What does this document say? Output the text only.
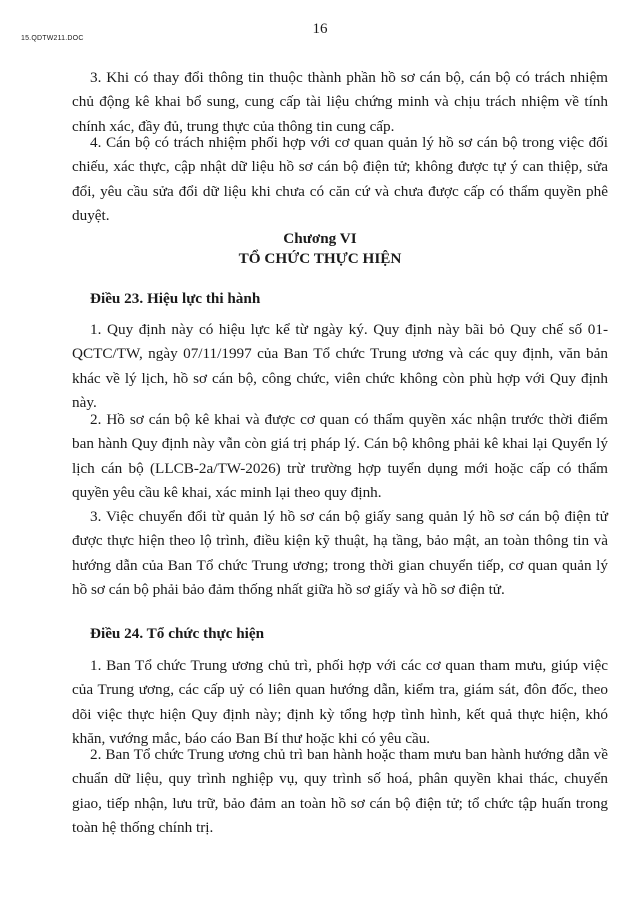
15.QDTW211.DOC
16

3. Khi có thay đổi thông tin thuộc thành phần hồ sơ cán bộ, cán bộ có trách nhiệm chủ động kê khai bổ sung, cung cấp tài liệu chứng minh và chịu trách nhiệm về tính chính xác, đầy đủ, trung thực của thông tin cung cấp.

4. Cán bộ có trách nhiệm phối hợp với cơ quan quản lý hồ sơ cán bộ trong việc đối chiếu, xác thực, cập nhật dữ liệu hồ sơ cán bộ điện tử; không được tự ý can thiệp, sửa đổi, yêu cầu sửa đổi dữ liệu khi chưa có căn cứ và chưa được cấp có thẩm quyền phê duyệt.

Chương VI
TỔ CHỨC THỰC HIỆN
Điều 23. Hiệu lực thi hành

1. Quy định này có hiệu lực kể từ ngày ký. Quy định này bãi bỏ Quy chế số 01-QCTC/TW, ngày 07/11/1997 của Ban Tổ chức Trung ương và các quy định, văn bản khác về lý lịch, hồ sơ cán bộ, công chức, viên chức không còn phù hợp với Quy định này.

2. Hồ sơ cán bộ kê khai và được cơ quan có thẩm quyền xác nhận trước thời điểm ban hành Quy định này vẫn còn giá trị pháp lý. Cán bộ không phải kê khai lại Quyển lý lịch cán bộ (LLCB-2a/TW-2026) trừ trường hợp tuyển dụng mới hoặc cấp có thẩm quyền yêu cầu kê khai, xác minh lại theo quy định.

3. Việc chuyển đổi từ quản lý hồ sơ cán bộ giấy sang quản lý hồ sơ cán bộ điện tử được thực hiện theo lộ trình, điều kiện kỹ thuật, hạ tầng, bảo mật, an toàn thông tin và hướng dẫn của Ban Tổ chức Trung ương; trong thời gian chuyển tiếp, cơ quan quản lý hồ sơ cán bộ phải bảo đảm thống nhất giữa hồ sơ giấy và hồ sơ điện tử.

Điều 24. Tổ chức thực hiện

1. Ban Tổ chức Trung ương chủ trì, phối hợp với các cơ quan tham mưu, giúp việc của Trung ương, các cấp uỷ có liên quan hướng dẫn, kiểm tra, giám sát, đôn đốc, theo dõi việc thực hiện Quy định này; định kỳ tổng hợp tình hình, kết quả thực hiện, khó khăn, vướng mắc, báo cáo Ban Bí thư hoặc khi có yêu cầu.

2. Ban Tổ chức Trung ương chủ trì ban hành hoặc tham mưu ban hành hướng dẫn về chuẩn dữ liệu, quy trình nghiệp vụ, quy trình số hoá, phân quyền khai thác, chuyển giao, tiếp nhận, lưu trữ, bảo đảm an toàn hồ sơ cán bộ điện tử; tổ chức tập huấn trong toàn hệ thống chính trị.
